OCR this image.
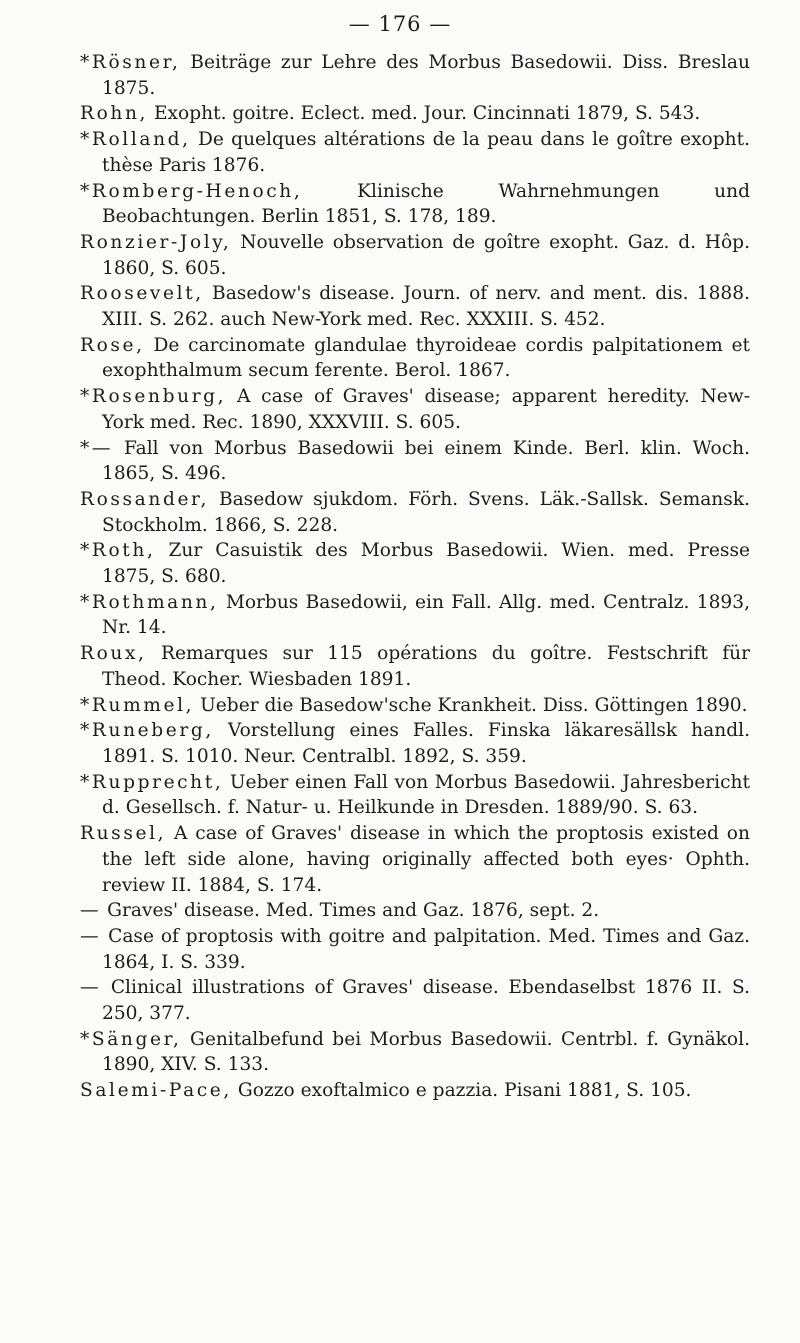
— 176 —
*Rösner, Beiträge zur Lehre des Morbus Basedowii. Diss. Breslau 1875.
Rohn, Exopht. goitre. Eclect. med. Jour. Cincinnati 1879, S. 543.
*Rolland, De quelques altérations de la peau dans le goître exopht. thèse Paris 1876.
*Romberg-Henoch,	Klinische Wahrnehmungen und Beobachtungen. Berlin 1851, S. 178, 189.
Ronzier-Joly, Nouvelle observation de goître exopht. Gaz. d. Hôp. 1860, S. 605.
Roosevelt, Basedow's disease. Journ. of nerv. and ment. dis. 1888. XIII. S. 262. auch New-York med. Rec. XXXIII. S. 452.
Rose, De carcinomate glandulae thyroideae cordis palpitationem et exophthalmum secum ferente. Berol. 1867.
*Rosenburg, A case of Graves' disease; apparent heredity. New-York med. Rec. 1890, XXXVIII. S. 605.
*— Fall von Morbus Basedowii bei einem Kinde. Berl. klin. Woch. 1865, S. 496.
Rossander, Basedow sjukdom. Förh. Svens. Läk.-Sallsk. Semansk. Stockholm. 1866, S. 228.
*Roth, Zur Casuistik des Morbus Basedowii. Wien. med. Presse 1875, S. 680.
*Rothmann, Morbus Basedowii, ein Fall. Allg. med. Centralz. 1893, Nr. 14.
Roux, Remarques sur 115 opérations du goître. Festschrift für Theod. Kocher. Wiesbaden 1891.
*Rummel, Ueber die Basedow'sche Krankheit. Diss. Göttingen 1890.
*Runeberg, Vorstellung eines Falles. Finska läkaresällsk handl. 1891. S. 1010. Neur. Centralbl. 1892, S. 359.
*Rupprecht, Ueber einen Fall von Morbus Basedowii. Jahresbericht d. Gesellsch. f. Natur- u. Heilkunde in Dresden. 1889/90. S. 63.
Russel, A case of Graves' disease in which the proptosis existed on the left side alone, having originally affected both eyes· Ophth. review II. 1884, S. 174.
— Graves' disease. Med. Times and Gaz. 1876, sept. 2.
— Case of proptosis with goitre and palpitation. Med. Times and Gaz. 1864, I. S. 339.
— Clinical illustrations of Graves' disease. Ebendaselbst 1876 II. S. 250, 377.
*Sänger, Genitalbefund bei Morbus Basedowii. Centrbl. f. Gynäkol. 1890, XIV. S. 133.
Salemi-Pace, Gozzo exoftalmico e pazzia. Pisani 1881, S. 105.
